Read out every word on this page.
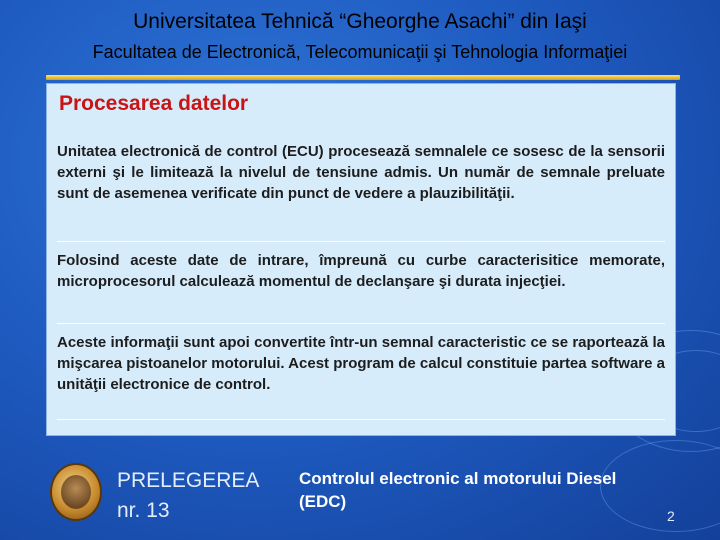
Universitatea Tehnică “Gheorghe Asachi” din Iaşi
Facultatea de Electronică, Telecomunicaţii şi Tehnologia Informaţiei
Procesarea datelor

Unitatea electronică de control (ECU) procesează semnalele ce sosesc de la sensorii externi şi le limitează la nivelul de tensiune admis. Un număr de semnale preluate sunt de asemenea verificate din punct de vedere a plauzibilităţii.

Folosind aceste date de intrare, împreună cu curbe caracterisitice memorate, microprocesorul calculează momentul de declanşare şi durata injecţiei.

Aceste informaţii sunt apoi convertite într-un semnal caracteristic ce se raportează la mişcarea pistoanelor motorului. Acest program de calcul constituie partea software a unităţii electronice de control.

PRELEGEREA
nr. 13
Controlul electronic al motorului Diesel (EDC)
2
